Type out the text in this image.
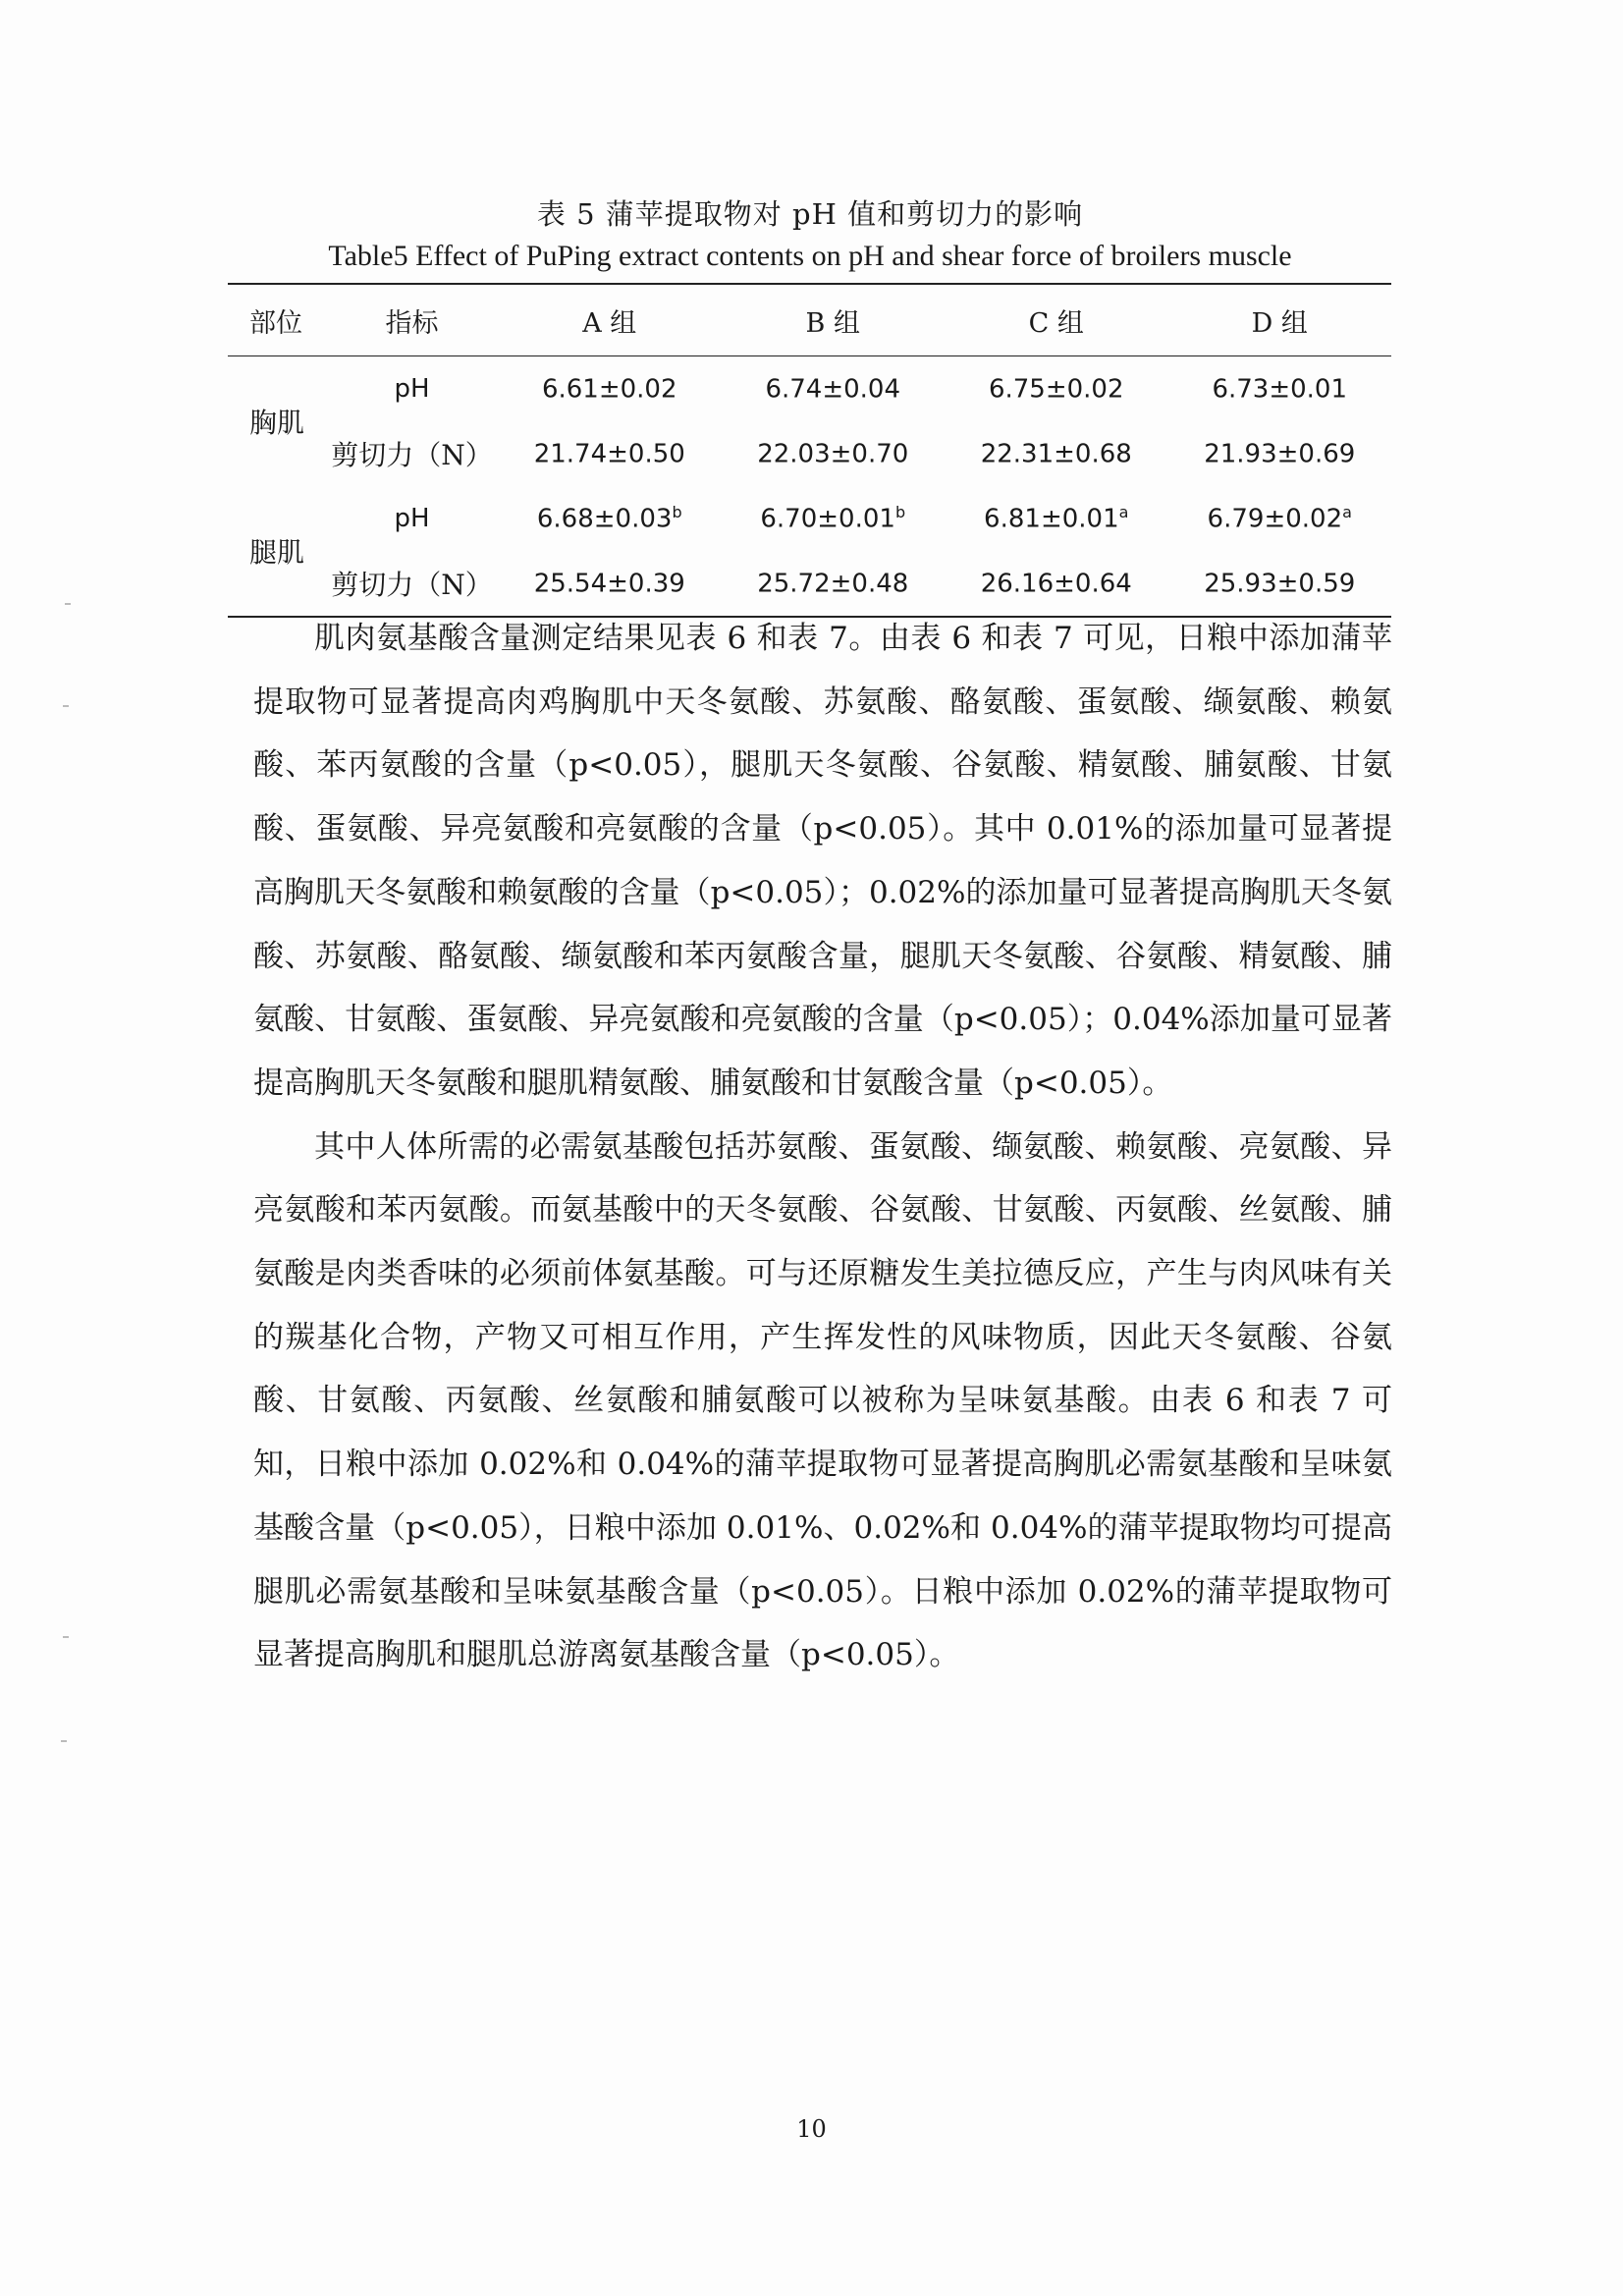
表 5 蒲苹提取物对 pH 值和剪切力的影响
Table5 Effect of PuPing extract contents on pH and shear force of broilers muscle
部位	指标	A 组	B 组	C 组	D 组
胸肌	pH	6.61±0.02	6.74±0.04	6.75±0.02	6.73±0.01
	剪切力（N）	21.74±0.50	22.03±0.70	22.31±0.68	21.93±0.69
腿肌	pH	6.68±0.03$^b$	6.70±0.01$^b$	6.81±0.01$^a$	6.79±0.02$^a$
	剪切力（N）	25.54±0.39	25.72±0.48	26.16±0.64	25.93±0.59

肌肉氨基酸含量测定结果见表 6 和表 7。由表 6 和表 7 可见，日粮中添加蒲苹提取物可显著提高肉鸡胸肌中天冬氨酸、苏氨酸、酪氨酸、蛋氨酸、缬氨酸、赖氨酸、苯丙氨酸的含量（p<0.05），腿肌天冬氨酸、谷氨酸、精氨酸、脯氨酸、甘氨酸、蛋氨酸、异亮氨酸和亮氨酸的含量（p<0.05）。其中 0.01%的添加量可显著提高胸肌天冬氨酸和赖氨酸的含量（p<0.05）；0.02%的添加量可显著提高胸肌天冬氨酸、苏氨酸、酪氨酸、缬氨酸和苯丙氨酸含量，腿肌天冬氨酸、谷氨酸、精氨酸、脯氨酸、甘氨酸、蛋氨酸、异亮氨酸和亮氨酸的含量（p<0.05）；0.04%添加量可显著提高胸肌天冬氨酸和腿肌精氨酸、脯氨酸和甘氨酸含量（p<0.05）。

其中人体所需的必需氨基酸包括苏氨酸、蛋氨酸、缬氨酸、赖氨酸、亮氨酸、异亮氨酸和苯丙氨酸。而氨基酸中的天冬氨酸、谷氨酸、甘氨酸、丙氨酸、丝氨酸、脯氨酸是肉类香味的必须前体氨基酸。可与还原糖发生美拉德反应，产生与肉风味有关的羰基化合物，产物又可相互作用，产生挥发性的风味物质，因此天冬氨酸、谷氨酸、甘氨酸、丙氨酸、丝氨酸和脯氨酸可以被称为呈味氨基酸。由表 6 和表 7 可知，日粮中添加 0.02%和 0.04%的蒲苹提取物可显著提高胸肌必需氨基酸和呈味氨基酸含量（p<0.05），日粮中添加 0.01%、0.02%和 0.04%的蒲苹提取物均可提高腿肌必需氨基酸和呈味氨基酸含量（p<0.05）。日粮中添加 0.02%的蒲苹提取物可显著提高胸肌和腿肌总游离氨基酸含量（p<0.05）。

10
